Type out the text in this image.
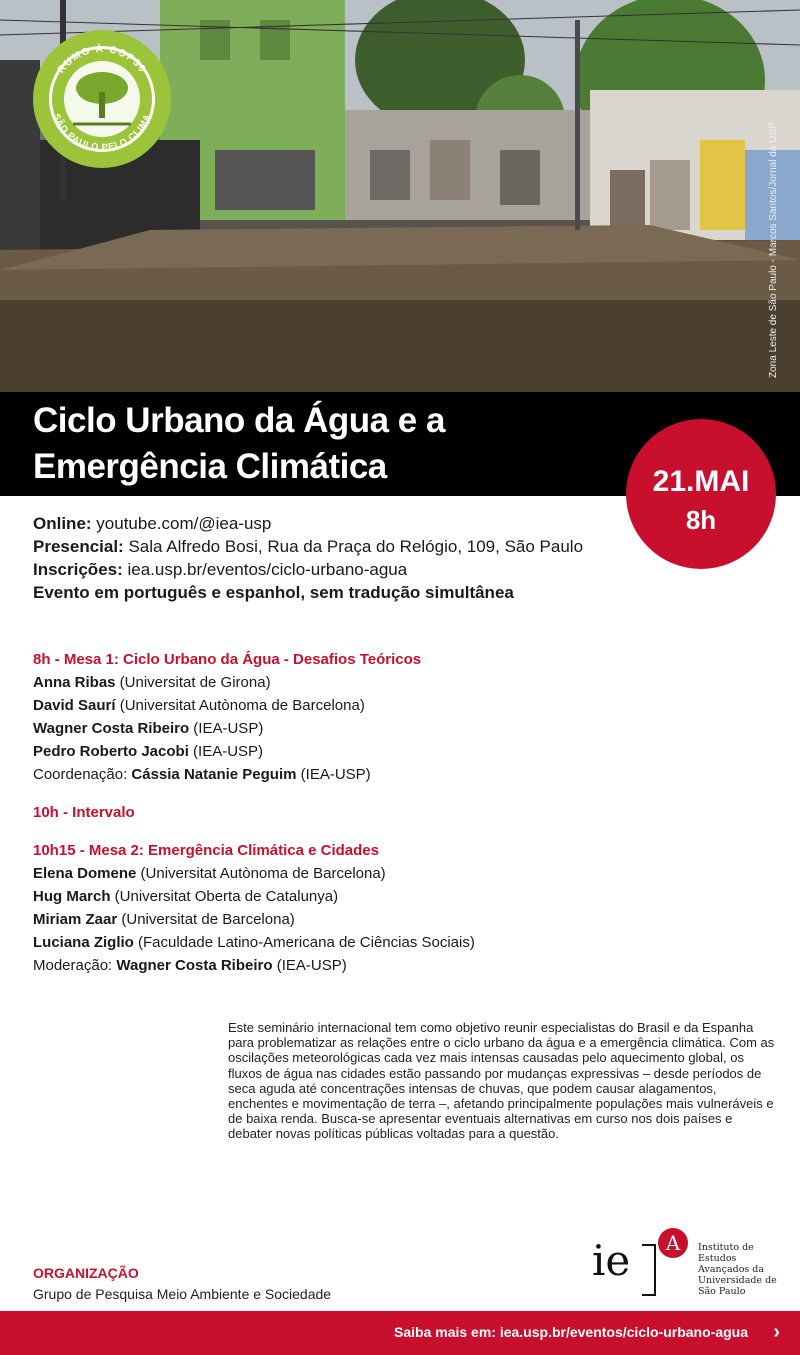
Zona Leste de São Paulo - Marcos Santos/Jornal da USP
RUMO À COP30
SÃO PAULO PELO CLIMA
Ciclo Urbano da Água e a
Emergência Climática	21.MAI
8h
Online: youtube.com/@iea-usp
Presencial: Sala Alfredo Bosi, Rua da Praça do Relógio, 109, São Paulo
Inscrições: iea.usp.br/eventos/ciclo-urbano-agua
Evento em português e espanhol, sem tradução simultânea
8h - Mesa 1: Ciclo Urbano da Água - Desafios Teóricos
Anna Ribas (Universitat de Girona)
David Saurí (Universitat Autònoma de Barcelona)
Wagner Costa Ribeiro (IEA-USP)
Pedro Roberto Jacobi (IEA-USP)
Coordenação: Cássia Natanie Peguim (IEA-USP)
10h - Intervalo
10h15 - Mesa 2: Emergência Climática e Cidades
Elena Domene (Universitat Autònoma de Barcelona)
Hug March (Universitat Oberta de Catalunya)
Miriam Zaar (Universitat de Barcelona)
Luciana Ziglio (Faculdade Latino-Americana de Ciências Sociais)
Moderação: Wagner Costa Ribeiro (IEA-USP)

Este seminário internacional tem como objetivo reunir especialistas do Brasil e da Espanha para problematizar as relações entre o ciclo urbano da água e a emergência climática. Com as oscilações meteorológicas cada vez mais intensas causadas pelo aquecimento global, os fluxos de água nas cidades estão passando por mudanças expressivas – desde períodos de seca aguda até concentrações intensas de chuvas, que podem causar alagamentos, enchentes e movimentação de terra –, afetando principalmente populações mais vulneráveis e de baixa renda. Busca-se apresentar eventuais alternativas em curso nos dois países e debater novas políticas públicas voltadas para a questão.

ORGANIZAÇÃO
Grupo de Pesquisa Meio Ambiente e Sociedade
ie	A	Instituto de
Estudos
Avançados da
Universidade de
São Paulo
Saiba mais em: iea.usp.br/eventos/ciclo-urbano-agua ›
